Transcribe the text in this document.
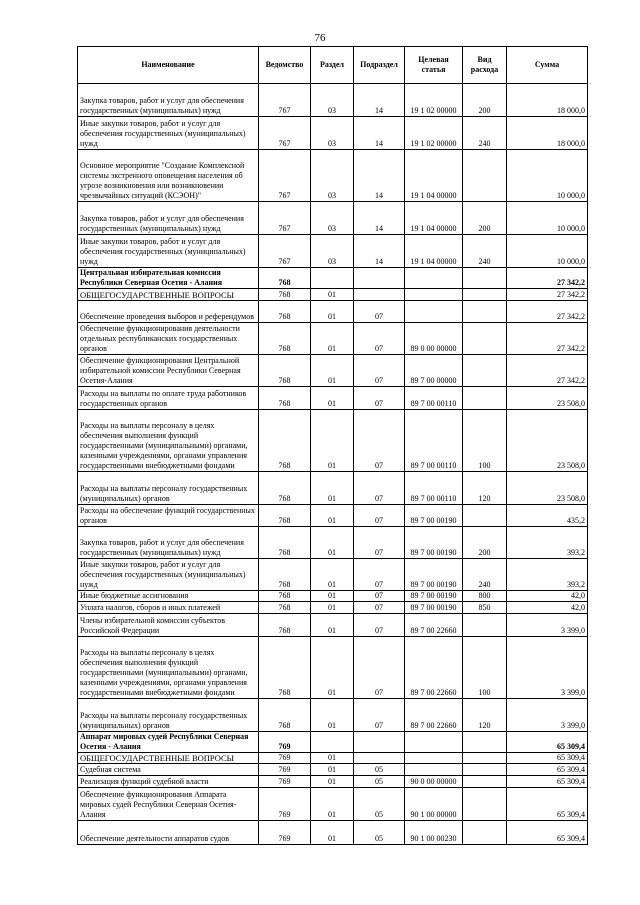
76
Наименование	Ведомство	Раздел	Подраздел	Целевая статья	Вид расхода	Сумма
Закупка товаров, работ и услуг для обеспечения государственных (муниципальных) нужд	767	03	14	19 1 02 00000	200	18 000,0
Иные закупки товаров, работ и услуг для обеспечения государственных (муниципальных) нужд	767	03	14	19 1 02 00000	240	18 000,0
Основное мероприятие "Создание Комплексной системы экстренного оповещения населения об угрозе возникновения или возникновении чрезвычайных ситуаций (КСЭОН)"	767	03	14	19 1 04 00000		10 000,0
Закупка товаров, работ и услуг для обеспечения государственных (муниципальных) нужд	767	03	14	19 1 04 00000	200	10 000,0
Иные закупки товаров, работ и услуг для обеспечения государственных (муниципальных) нужд	767	03	14	19 1 04 00000	240	10 000,0
Центральная избирательная комиссия Республики Северная Осетия - Алания	768					27 342,2
ОБЩЕГОСУДАРСТВЕННЫЕ ВОПРОСЫ	768	01				27 342,2
Обеспечение проведения выборов и референдумов	768	01	07			27 342,2
Обеспечение функционирования деятельности отдельных республиканских государственных органов	768	01	07	89 0 00 00000		27 342,2
Обеспечение функционирования Центральной избирательной комиссии Республики Северная Осетия-Алания	768	01	07	89 7 00 00000		27 342,2
Расходы на выплаты по оплате труда работников государственных органов	768	01	07	89 7 00 00110		23 508,0
Расходы на выплаты персоналу в целях обеспечения выполнения функций государственными (муниципальными) органами, казенными учреждениями, органами управления государственными внебюджетными фондами	768	01	07	89 7 00 00110	100	23 508,0
Расходы на выплаты персоналу государственных (муниципальных) органов	768	01	07	89 7 00 00110	120	23 508,0
Расходы на обеспечение функций государственных органов	768	01	07	89 7 00 00190		435,2
Закупка товаров, работ и услуг для обеспечения государственных (муниципальных) нужд	768	01	07	89 7 00 00190	200	393,2
Иные закупки товаров, работ и услуг для обеспечения государственных (муниципальных) нужд	768	01	07	89 7 00 00190	240	393,2
Иные бюджетные ассигнования	768	01	07	89 7 00 00190	800	42,0
Уплата налогов, сборов и иных платежей	768	01	07	89 7 00 00190	850	42,0
Члены избирательной комиссии субъектов Российской Федерации	768	01	07	89 7 00 22660		3 399,0
Расходы на выплаты персоналу в целях обеспечения выполнения функций государственными (муниципальными) органами, казенными учреждениями, органами управления государственными внебюджетными фондами	768	01	07	89 7 00 22660	100	3 399,0
Расходы на выплаты персоналу государственных (муниципальных) органов	768	01	07	89 7 00 22660	120	3 399,0
Аппарат мировых судей Республики Северная Осетия - Алания	769					65 309,4
ОБЩЕГОСУДАРСТВЕННЫЕ ВОПРОСЫ	769	01				65 309,4
Судебная система	769	01	05			65 309,4
Реализация функций судебной власти	769	01	05	90 0 00 00000		65 309,4
Обеспечение функционирования Аппарата мировых судей Республики Северная Осетия-Алания	769	01	05	90 1 00 00000		65 309,4
Обеспечение деятельности аппаратов судов	769	01	05	90 1 00 00230		65 309,4
